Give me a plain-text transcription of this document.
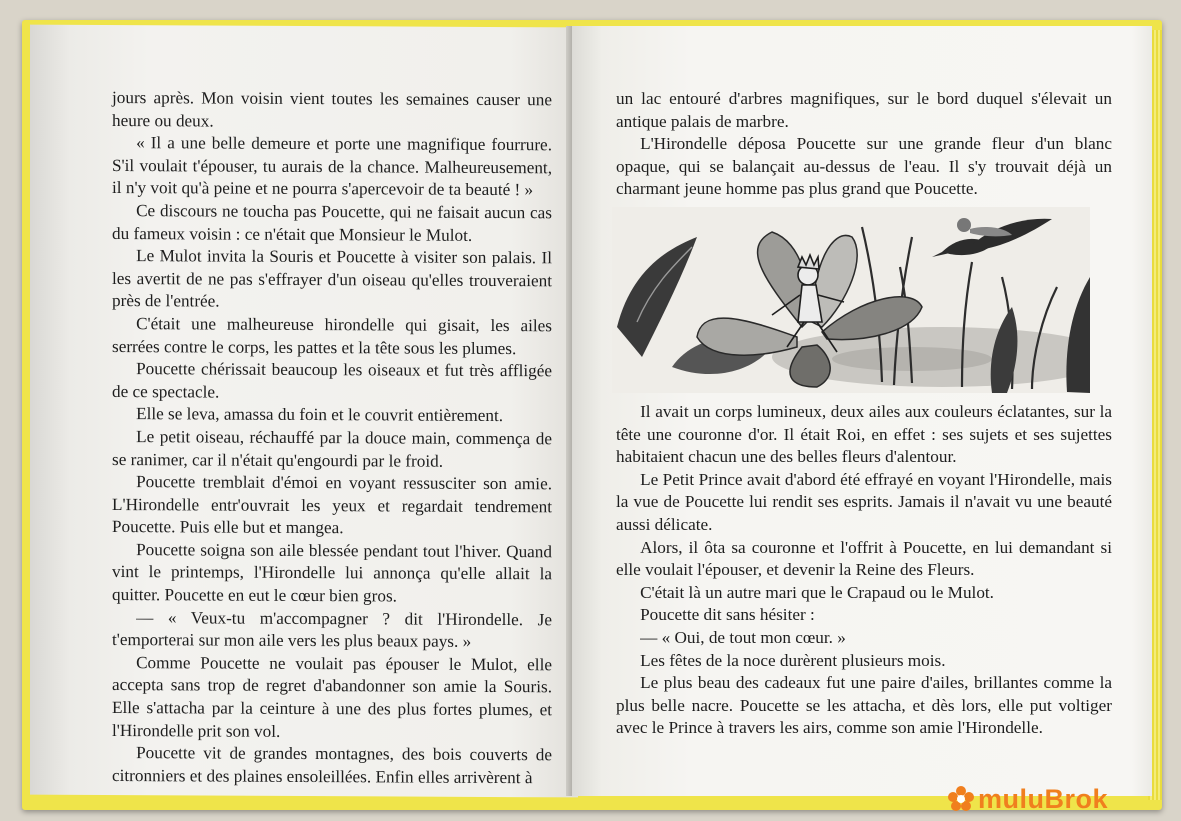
jours après. Mon voisin vient toutes les semaines causer une heure ou deux.

« Il a une belle demeure et porte une magnifique fourrure. S'il voulait t'épouser, tu aurais de la chance. Malheureusement, il n'y voit qu'à peine et ne pourra s'apercevoir de ta beauté ! »

Ce discours ne toucha pas Poucette, qui ne faisait aucun cas du fameux voisin : ce n'était que Monsieur le Mulot.

Le Mulot invita la Souris et Poucette à visiter son palais. Il les avertit de ne pas s'effrayer d'un oiseau qu'elles trouveraient près de l'entrée.

C'était une malheureuse hirondelle qui gisait, les ailes serrées contre le corps, les pattes et la tête sous les plumes.

Poucette chérissait beaucoup les oiseaux et fut très affligée de ce spectacle.

Elle se leva, amassa du foin et le couvrit entièrement.

Le petit oiseau, réchauffé par la douce main, commença de se ranimer, car il n'était qu'engourdi par le froid.

Poucette tremblait d'émoi en voyant ressusciter son amie. L'Hirondelle entr'ouvrait les yeux et regardait tendrement Poucette. Puis elle but et mangea.

Poucette soigna son aile blessée pendant tout l'hiver. Quand vint le printemps, l'Hirondelle lui annonça qu'elle allait la quitter. Poucette en eut le cœur bien gros.

— « Veux-tu m'accompagner ? dit l'Hirondelle. Je t'emporterai sur mon aile vers les plus beaux pays. »

Comme Poucette ne voulait pas épouser le Mulot, elle accepta sans trop de regret d'abandonner son amie la Souris. Elle s'attacha par la ceinture à une des plus fortes plumes, et l'Hirondelle prit son vol.

Poucette vit de grandes montagnes, des bois couverts de citronniers et des plaines ensoleillées. Enfin elles arrivèrent à

un lac entouré d'arbres magnifiques, sur le bord duquel s'élevait un antique palais de marbre.

L'Hirondelle déposa Poucette sur une grande fleur d'un blanc opaque, qui se balançait au-dessus de l'eau. Il s'y trouvait déjà un charmant jeune homme pas plus grand que Poucette.

Il avait un corps lumineux, deux ailes aux couleurs éclatantes, sur la tête une couronne d'or. Il était Roi, en effet : ses sujets et ses sujettes habitaient chacun une des belles fleurs d'alentour.

Le Petit Prince avait d'abord été effrayé en voyant l'Hirondelle, mais la vue de Poucette lui rendit ses esprits. Jamais il n'avait vu une beauté aussi délicate.

Alors, il ôta sa couronne et l'offrit à Poucette, en lui demandant si elle voulait l'épouser, et devenir la Reine des Fleurs.

C'était là un autre mari que le Crapaud ou le Mulot.

Poucette dit sans hésiter :

— « Oui, de tout mon cœur. »

Les fêtes de la noce durèrent plusieurs mois.

Le plus beau des cadeaux fut une paire d'ailes, brillantes comme la plus belle nacre. Poucette se les attacha, et dès lors, elle put voltiger avec le Prince à travers les airs, comme son amie l'Hirondelle.

muluBrok
